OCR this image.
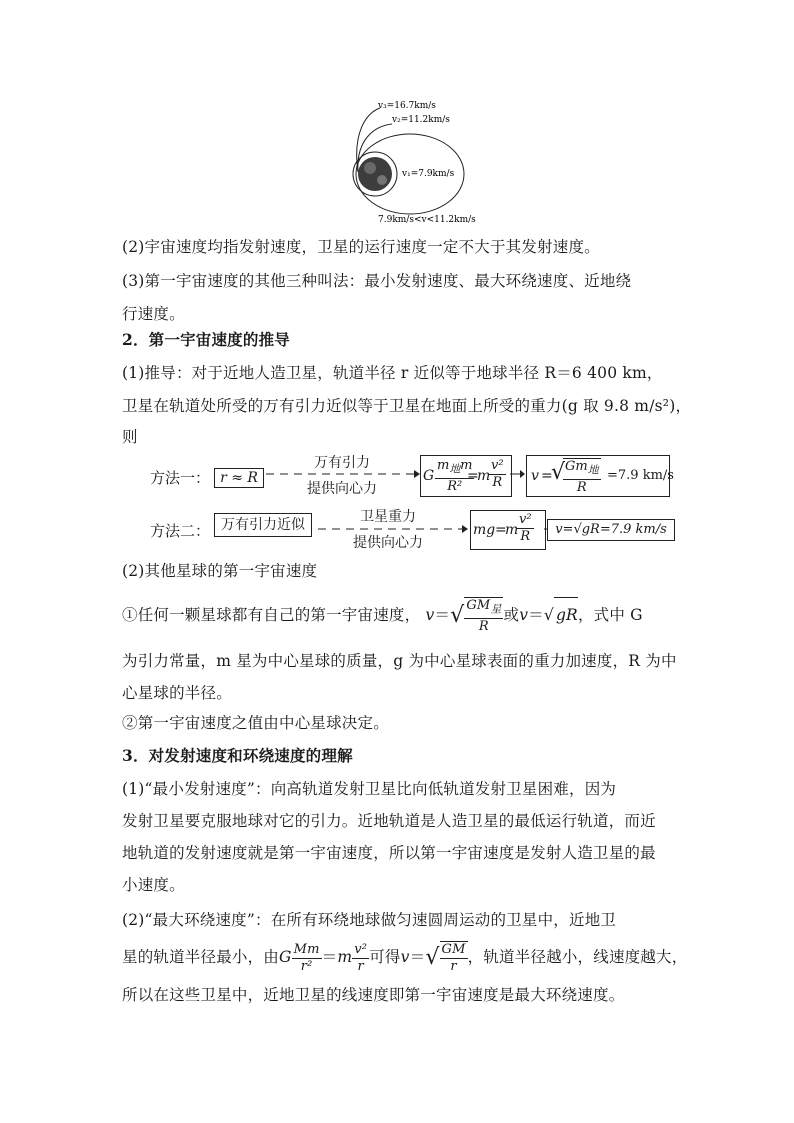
v₃=16.7km/s
v₂=11.2km/s
v₁=7.9km/s
7.9km/s<v<11.2km/s
(2)宇宙速度均指发射速度，卫星的运行速度一定不大于其发射速度。
(3)第一宇宙速度的其他三种叫法：最小发射速度、最大环绕速度、近地绕
行速度。
2．第一宇宙速度的推导
(1)推导：对于近地人造卫星，轨道半径 r 近似等于地球半径 R＝6 400 km，
卫星在轨道处所受的万有引力近似等于卫星在地面上所受的重力(g 取 9.8 m/s²)，
则
方法一： r ≈ R
万有引力
提供向心力
G
$m_地m$
R²
=
m
$\frac{\text{v²}}{R}$ v =
√ $Gm_地$
R
=7.9 km/s
方法二： 万有引力近似	卫星重力
提供向心力
mg =
m
$\frac{\text{v²}}{R}$	v=√gR=7.9 km/s
(2)其他星球的第一宇宙速度
①任何一颗星球都有自己的第一宇宙速度， $v=√ \frac{GM_星}{R}$ 或v＝√ gR，式中 G
为引力常量，m 星为中心星球的质量，g 为中心星球表面的重力加速度，R 为中
心星球的半径。
②第一宇宙速度之值由中心星球决定。
3．对发射速度和环绕速度的理解
(1)“最小发射速度”：向高轨道发射卫星比向低轨道发射卫星困难，因为
发射卫星要克服地球对它的引力。近地轨道是人造卫星的最低运行轨道，而近
地轨道的发射速度就是第一宇宙速度，所以第一宇宙速度是发射人造卫星的最
小速度。
(2)“最大环绕速度”：在所有环绕地球做匀速圆周运动的卫星中，近地卫
星的轨道半径最小，由G $\frac{Mm}{\text{r²}} =m \frac{\text{v²}}{r}$ 可得$v=√ \frac{GM}{r}$ ，轨道半径越小，线速度越大，
所以在这些卫星中，近地卫星的线速度即第一宇宙速度是最大环绕速度。
